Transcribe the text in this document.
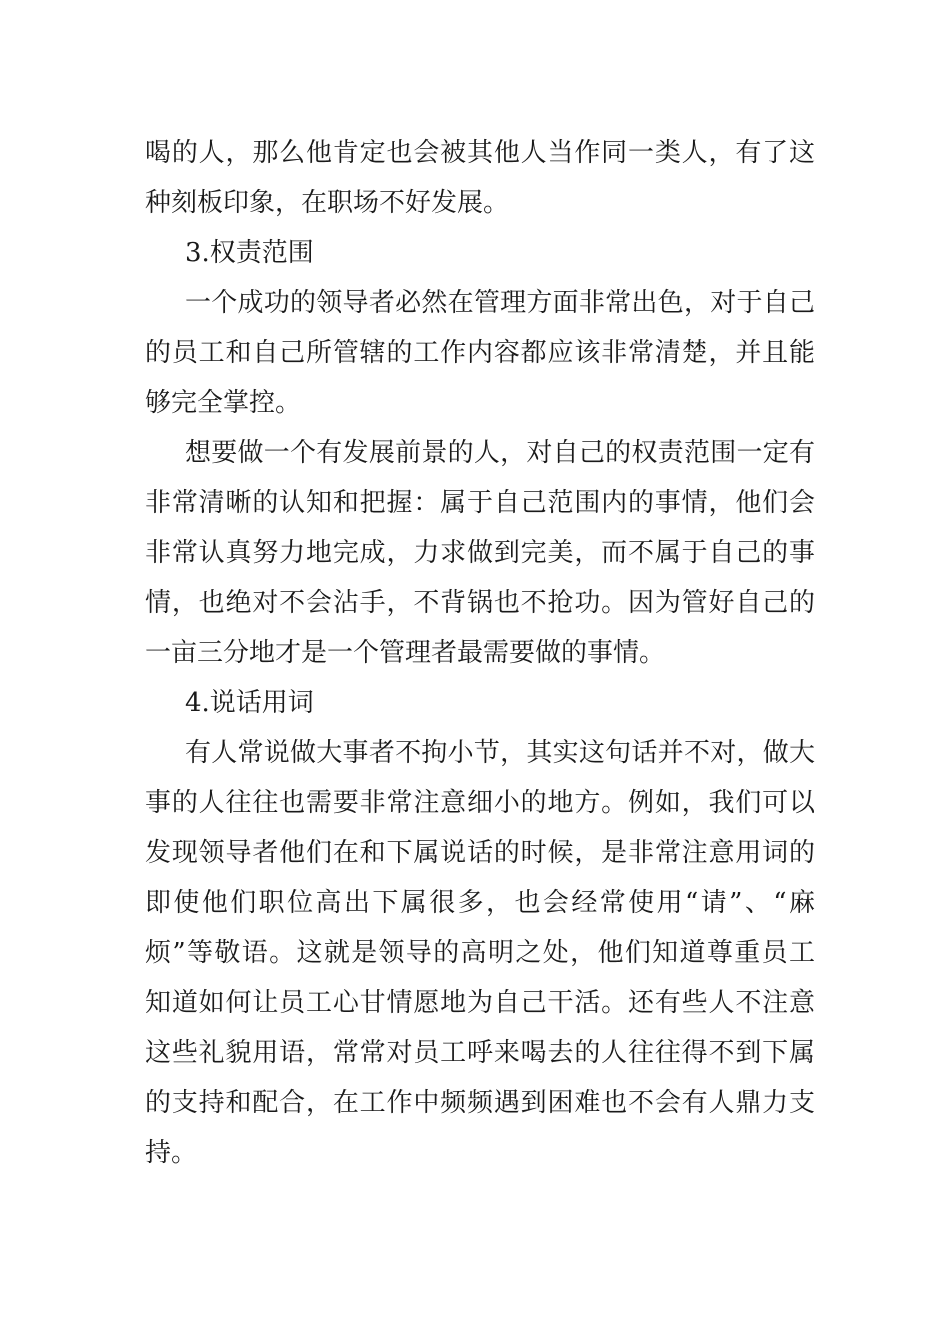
喝的人，那么他肯定也会被其他人当作同一类人，有了这
种刻板印象，在职场不好发展。
3.权责范围
一个成功的领导者必然在管理方面非常出色，对于自己
的员工和自己所管辖的工作内容都应该非常清楚，并且能
够完全掌控。
想要做一个有发展前景的人，对自己的权责范围一定有
非常清晰的认知和把握：属于自己范围内的事情，他们会
非常认真努力地完成，力求做到完美，而不属于自己的事
情，也绝对不会沾手，不背锅也不抢功。因为管好自己的
一亩三分地才是一个管理者最需要做的事情。
4.说话用词
有人常说做大事者不拘小节，其实这句话并不对，做大
事的人往往也需要非常注意细小的地方。例如，我们可以
发现领导者他们在和下属说话的时候，是非常注意用词的
即使他们职位高出下属很多，也会经常使用“请”、“麻
烦”等敬语。这就是领导的高明之处，他们知道尊重员工
知道如何让员工心甘情愿地为自己干活。还有些人不注意
这些礼貌用语，常常对员工呼来喝去的人往往得不到下属
的支持和配合，在工作中频频遇到困难也不会有人鼎力支
持。
